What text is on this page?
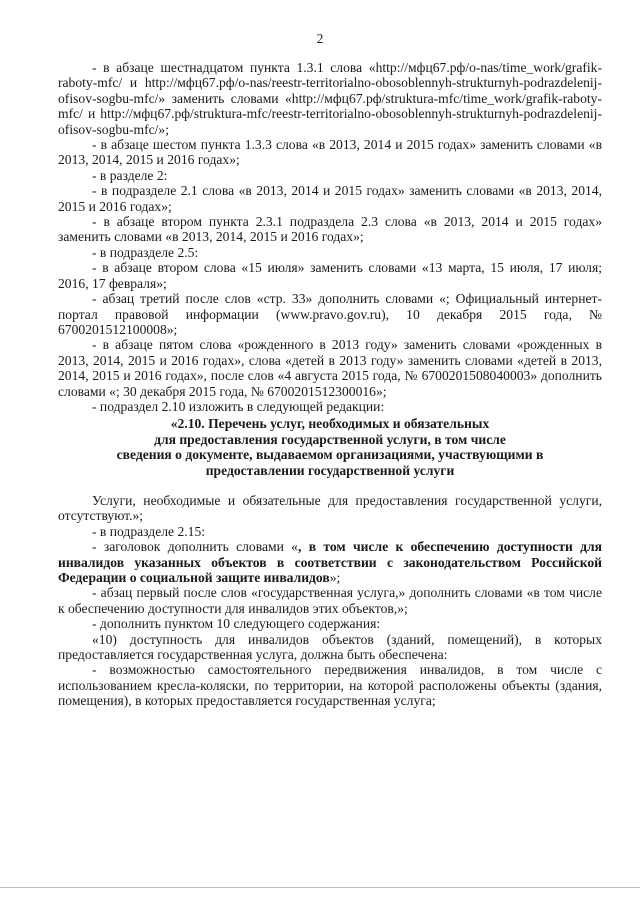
2

- в абзаце шестнадцатом пункта 1.3.1 слова «http://мфц67.рф/o-nas/time_work/grafik-raboty-mfc/ и http://мфц67.рф/o-nas/reestr-territorialno-obosoblennyh-strukturnyh-podrazdelenij-ofisov-sogbu-mfc/» заменить словами «http://мфц67.рф/struktura-mfc/time_work/grafik-raboty-mfc/ и http://мфц67.рф/struktura-mfc/reestr-territorialno-obosoblennyh-strukturnyh-podrazdelenij-ofisov-sogbu-mfc/»;

- в абзаце шестом пункта 1.3.3 слова «в 2013, 2014 и 2015 годах» заменить словами «в 2013, 2014, 2015 и 2016 годах»;

- в разделе 2:

- в подразделе 2.1 слова «в 2013, 2014 и 2015 годах» заменить словами «в 2013, 2014, 2015 и 2016 годах»;

- в абзаце втором пункта 2.3.1 подраздела 2.3 слова «в 2013, 2014 и 2015 годах» заменить словами «в 2013, 2014, 2015 и 2016 годах»;

- в подразделе 2.5:

- в абзаце втором слова «15 июля» заменить словами «13 марта, 15 июля, 17 июля; 2016, 17 февраля»;

- абзац третий после слов «стр. 33» дополнить словами «; Официальный интернет-портал правовой информации (www.pravo.gov.ru), 10 декабря 2015 года, № 6700201512100008»;

- в абзаце пятом слова «рожденного в 2013 году» заменить словами «рожденных в 2013, 2014, 2015 и 2016 годах», слова «детей в 2013 году» заменить словами «детей в 2013, 2014, 2015 и 2016 годах», после слов «4 августа 2015 года, № 6700201508040003» дополнить словами «; 30 декабря 2015 года, № 6700201512300016»;

- подраздел 2.10 изложить в следующей редакции:

«2.10. Перечень услуг, необходимых и обязательных
для предоставления государственной услуги, в том числе
сведения о документе, выдаваемом организациями, участвующими в
предоставлении государственной услуги

Услуги, необходимые и обязательные для предоставления государственной услуги, отсутствуют.»;

- в подразделе 2.15:

- заголовок дополнить словами «, в том числе к обеспечению доступности для инвалидов указанных объектов в соответствии с законодательством Российской Федерации о социальной защите инвалидов»;

- абзац первый после слов «государственная услуга,» дополнить словами «в том числе к обеспечению доступности для инвалидов этих объектов,»;

- дополнить пунктом 10 следующего содержания:

«10) доступность для инвалидов объектов (зданий, помещений), в которых предоставляется государственная услуга, должна быть обеспечена:

- возможностью самостоятельного передвижения инвалидов, в том числе с использованием кресла-коляски, по территории, на которой расположены объекты (здания, помещения), в которых предоставляется государственная услуга;
